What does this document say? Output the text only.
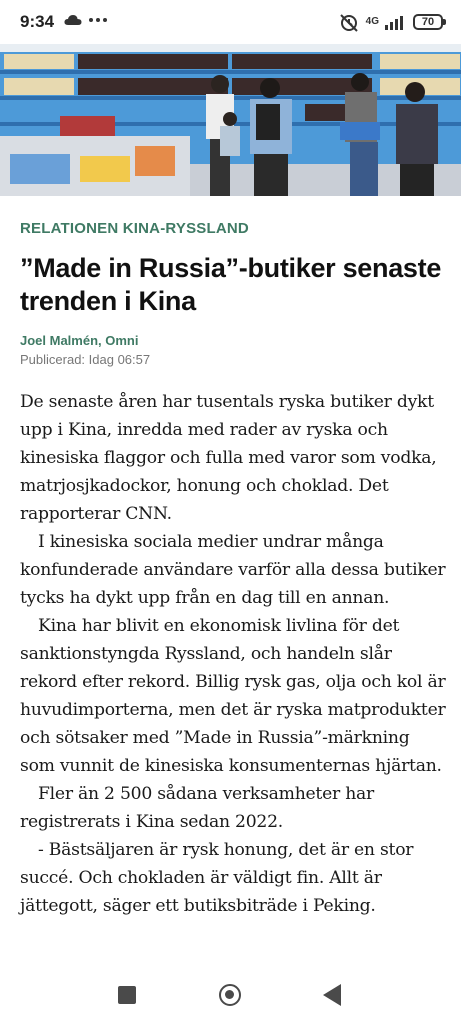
9:34	4G	70
RELATIONEN KINA-RYSSLAND
”Made in Russia”-butiker senaste trenden i Kina
Joel Malmén, Omni
Publicerad: Idag 06:57

De senaste åren har tusentals ryska butiker dykt upp i Kina, inredda med rader av ryska och kinesiska flaggor och fulla med varor som vodka, matrjosjkadockor, honung och choklad. Det rapporterar CNN.

I kinesiska sociala medier undrar många konfunderade användare varför alla dessa butiker tycks ha dykt upp från en dag till en annan.

Kina har blivit en ekonomisk livlina för det sanktionstyngda Ryssland, och handeln slår rekord efter rekord. Billig rysk gas, olja och kol är huvudimporterna, men det är ryska matprodukter och sötsaker med ”Made in Russia”-märkning som vunnit de kinesiska konsumenternas hjärtan.

Fler än 2 500 sådana verksamheter har registrerats i Kina sedan 2022.

- Bästsäljaren är rysk honung, det är en stor succé. Och chokladen är väldigt fin. Allt är jättegott, säger ett butiksbiträde i Peking.
